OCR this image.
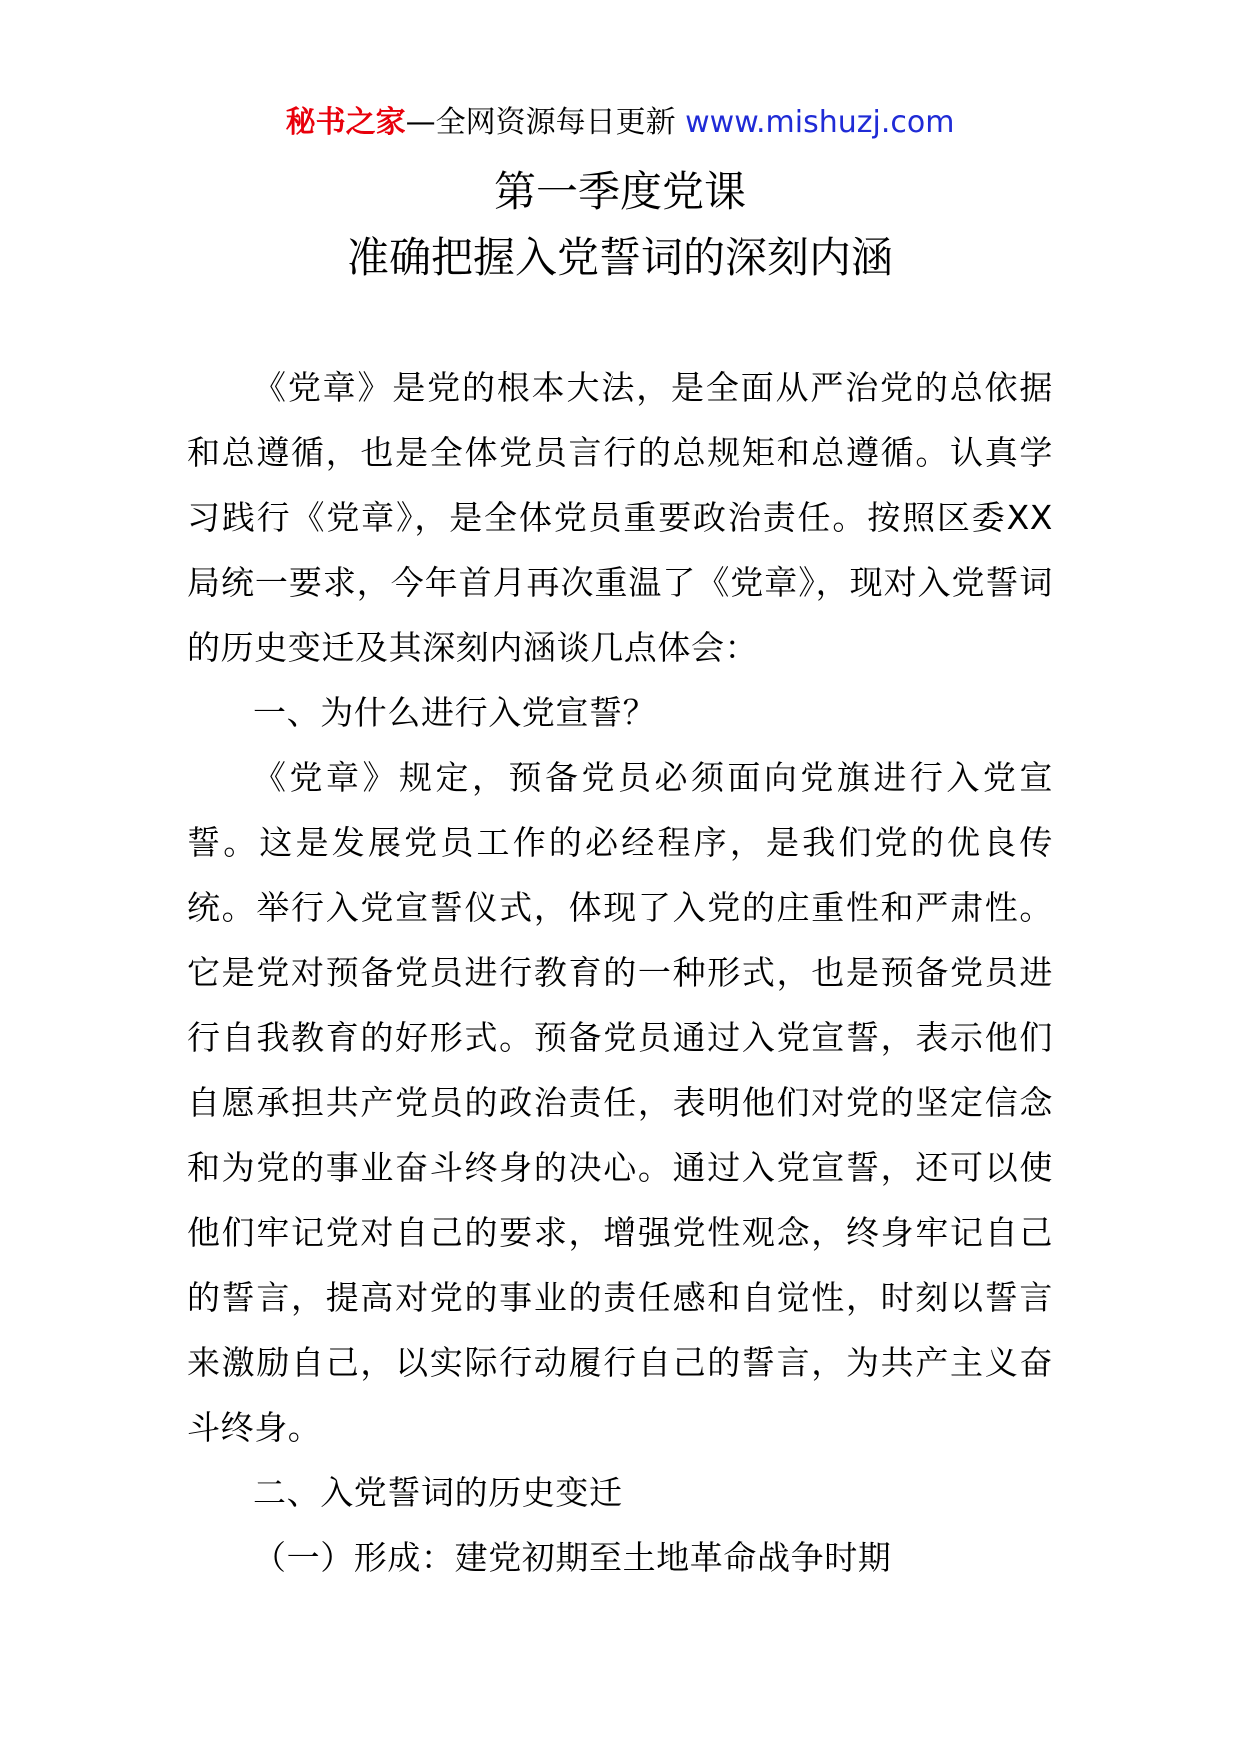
秘书之家—全网资源每日更新 www.mishuzj.com
第一季度党课
准确把握入党誓词的深刻内涵

《党章》是党的根本大法，是全面从严治党的总依据和总遵循，也是全体党员言行的总规矩和总遵循。认真学习践行《党章》，是全体党员重要政治责任。按照区委XX局统一要求，今年首月再次重温了《党章》，现对入党誓词的历史变迁及其深刻内涵谈几点体会：

一、为什么进行入党宣誓？

《党章》规定，预备党员必须面向党旗进行入党宣誓。这是发展党员工作的必经程序，是我们党的优良传统。举行入党宣誓仪式，体现了入党的庄重性和严肃性。它是党对预备党员进行教育的一种形式，也是预备党员进行自我教育的好形式。预备党员通过入党宣誓，表示他们自愿承担共产党员的政治责任，表明他们对党的坚定信念和为党的事业奋斗终身的决心。通过入党宣誓，还可以使他们牢记党对自己的要求，增强党性观念，终身牢记自己的誓言，提高对党的事业的责任感和自觉性，时刻以誓言来激励自己，以实际行动履行自己的誓言，为共产主义奋斗终身。

二、入党誓词的历史变迁

（一）形成：建党初期至土地革命战争时期
